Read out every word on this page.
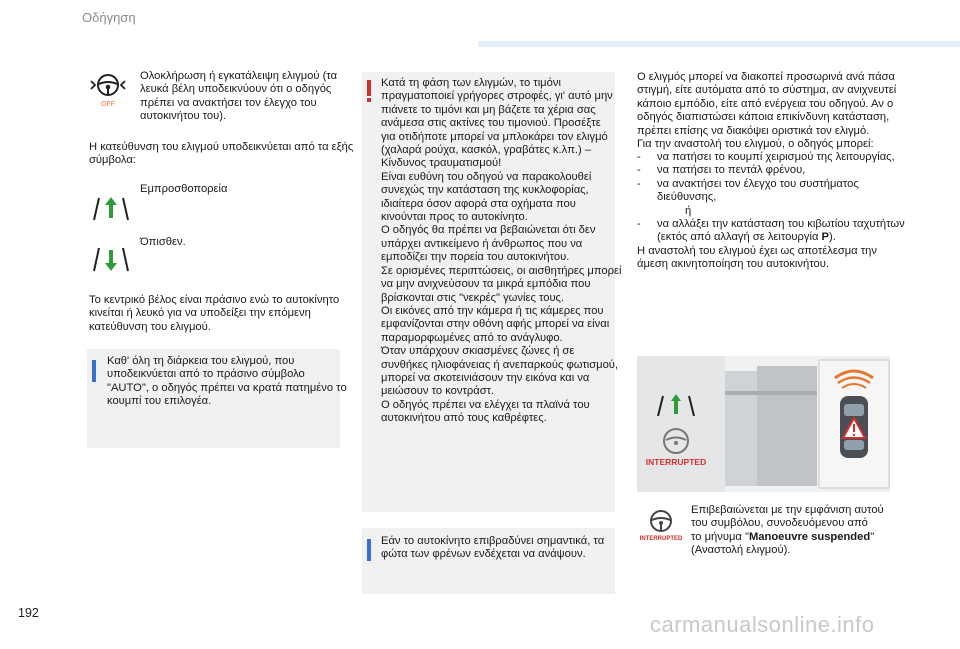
Οδήγηση
OFF
Ολοκλήρωση ή εγκατάλειψη ελιγμού (τα
λευκά βέλη υποδεικνύουν ότι ο οδηγός
πρέπει να ανακτήσει τον έλεγχο του
αυτοκινήτου του).
Η κατεύθυνση του ελιγμού υποδεικνύεται από τα εξής
σύμβολα:
Εμπροσθοπορεία
Όπισθεν.
Το κεντρικό βέλος είναι πράσινο ενώ το αυτοκίνητο
κινείται ή λευκό για να υποδείξει την επόμενη
κατεύθυνση του ελιγμού.
Καθ' όλη τη διάρκεια του ελιγμού, που
υποδεικνύεται από το πράσινο σύμβολο
"AUTO", ο οδηγός πρέπει να κρατά πατημένο το
κουμπί του επιλογέα.
Κατά τη φάση των ελιγμών, το τιμόνι
πραγματοποιεί γρήγορες στροφές, γι' αυτό μην
πιάνετε το τιμόνι και μη βάζετε τα χέρια σας
ανάμεσα στις ακτίνες του τιμονιού. Προσέξτε
για οτιδήποτε μπορεί να μπλοκάρει τον ελιγμό
(χαλαρά ρούχα, κασκόλ, γραβάτες κ.λπ.) –
Κίνδυνος τραυματισμού!
Είναι ευθύνη του οδηγού να παρακολουθεί
συνεχώς την κατάσταση της κυκλοφορίας,
ιδιαίτερα όσον αφορά στα οχήματα που
κινούνται προς το αυτοκίνητο.
Ο οδηγός θα πρέπει να βεβαιώνεται ότι δεν
υπάρχει αντικείμενο ή άνθρωπος που να
εμποδίζει την πορεία του αυτοκινήτου.
Σε ορισμένες περιπτώσεις, οι αισθητήρες μπορεί
να μην ανιχνεύσουν τα μικρά εμπόδια που
βρίσκονται στις "νεκρές" γωνίες τους.
Οι εικόνες από την κάμερα ή τις κάμερες που
εμφανίζονται στην οθόνη αφής μπορεί να είναι
παραμορφωμένες από το ανάγλυφο.
Όταν υπάρχουν σκιασμένες ζώνες ή σε
συνθήκες ηλιοφάνειας ή ανεπαρκούς φωτισμού,
μπορεί να σκοτεινιάσουν την εικόνα και να
μειώσουν το κοντράστ.
Ο οδηγός πρέπει να ελέγχει τα πλαϊνά του
αυτοκινήτου από τους καθρέφτες.
Εάν το αυτοκίνητο επιβραδύνει σημαντικά, τα
φώτα των φρένων ενδέχεται να ανάψουν.
Ο ελιγμός μπορεί να διακοπεί προσωρινά ανά πάσα
στιγμή, είτε αυτόματα από το σύστημα, αν ανιχνευτεί
κάποιο εμπόδιο, είτε από ενέργεια του οδηγού. Αν ο
οδηγός διαπιστώσει κάποια επικίνδυνη κατάσταση,
πρέπει επίσης να διακόψει οριστικά τον ελιγμό.
Για την αναστολή του ελιγμού, ο οδηγός μπορεί:
- να πατήσει το κουμπί χειρισμού της λειτουργίας,
- να πατήσει το πεντάλ φρένου,
- να ανακτήσει τον έλεγχο του συστήματος
διεύθυνσης,
ή
- να αλλάξει την κατάσταση του κιβωτίου ταχυτήτων
(εκτός από αλλαγή σε λειτουργία P).
Η αναστολή του ελιγμού έχει ως αποτέλεσμα την
άμεση ακινητοποίηση του αυτοκινήτου.
INTERRUPTED
INTERRUPTED
Επιβεβαιώνεται με την εμφάνιση αυτού
του συμβόλου, συνοδευόμενου από
το μήνυμα "Manoeuvre suspended"
(Αναστολή ελιγμού).
192	carmanualsonline.info
